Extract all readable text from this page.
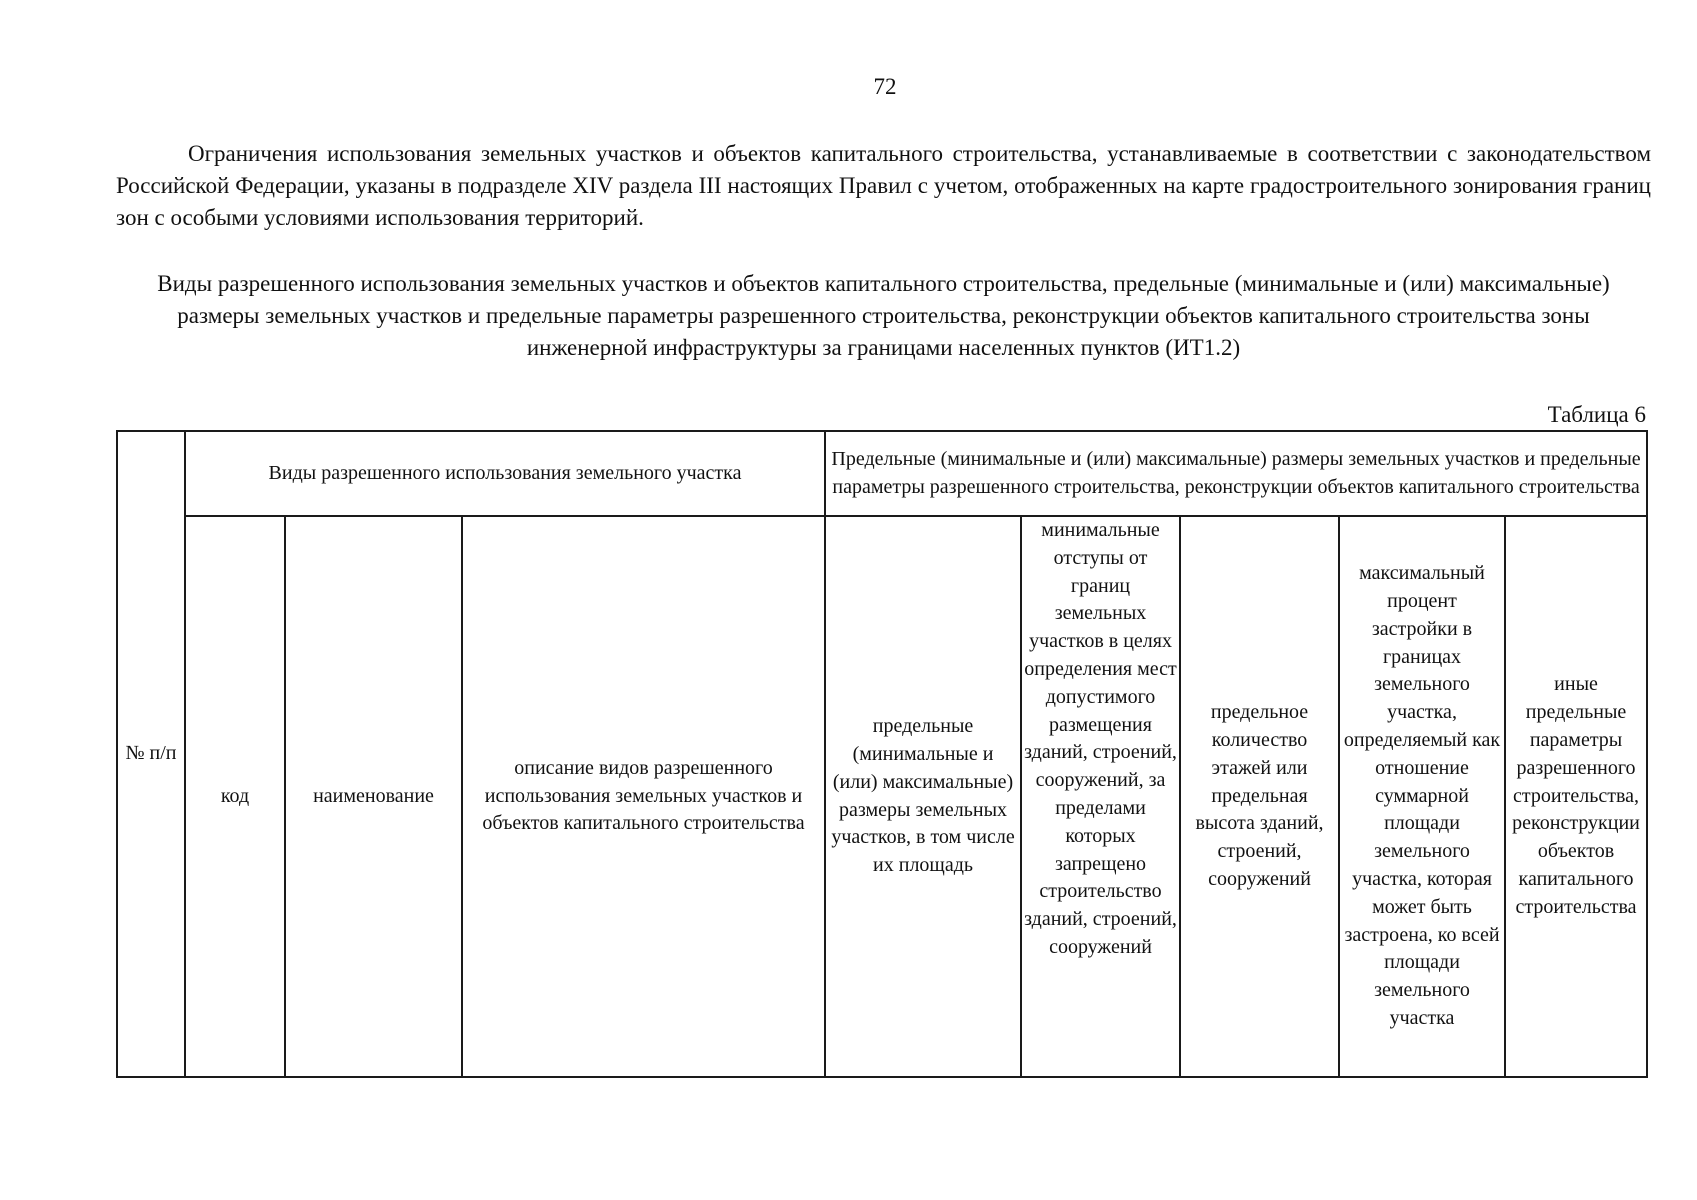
72

Ограничения использования земельных участков и объектов капитального строительства, устанавливаемые в соответствии с законодательством Российской Федерации, указаны в подразделе XIV раздела III настоящих Правил с учетом, отображенных на карте градостроительного зонирования границ зон с особыми условиями использования территорий.

Виды разрешенного использования земельных участков и объектов капитального строительства, предельные (минимальные и (или) максимальные) размеры земельных участков и предельные параметры разрешенного строительства, реконструкции объектов капитального строительства зоны инженерной инфраструктуры за границами населенных пунктов (ИТ1.2)

Таблица 6
№ п/п	Виды разрешенного использования земельного участка			Предельные (минимальные и (или) максимальные) размеры земельных участков и предельные параметры разрешенного строительства, реконструкции объектов капитального строительства				
	код	наименование	описание видов разрешенного использования земельных участков и объектов капитального строительства	предельные (минимальные и (или) максимальные) размеры земельных участков, в том числе их площадь	минимальные отступы от границ земельных участков в целях определения мест допустимого размещения зданий, строений, сооружений, за пределами которых запрещено строительство зданий, строений, сооружений	предельное количество этажей или предельная высота зданий, строений, сооружений	максимальный процент застройки в границах земельного участка, определяемый как отношение суммарной площади земельного участка, которая может быть застроена, ко всей площади земельного участка	иные предельные параметры разрешенного строительства, реконструкции объектов капитального строительства
